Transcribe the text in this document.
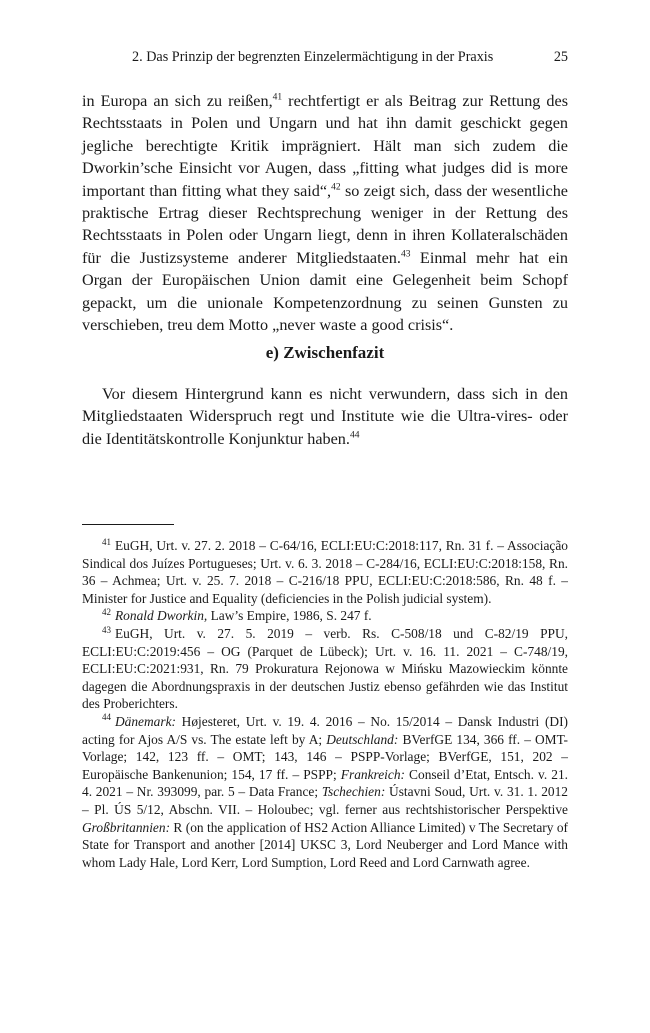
2. Das Prinzip der begrenzten Einzelermächtigung in der Praxis	25

in Europa an sich zu reißen,$^{41}$ rechtfertigt er als Beitrag zur Rettung des Rechtsstaats in Polen und Ungarn und hat ihn damit geschickt gegen jegliche berechtigte Kritik imprägniert. Hält man sich zudem die Dworkin’sche Einsicht vor Augen, dass „fitting what judges did is more important than fitting what they said“,$^{42}$ so zeigt sich, dass der wesentliche praktische Ertrag dieser Rechtsprechung weniger in der Rettung des Rechtsstaats in Polen oder Ungarn liegt, denn in ihren Kollateralschäden für die Justizsysteme anderer Mitgliedstaaten.$^{43}$ Einmal mehr hat ein Organ der Europäischen Union damit eine Gelegenheit beim Schopf gepackt, um die unionale Kompetenzordnung zu seinen Gunsten zu verschieben, treu dem Motto „never waste a good crisis“.

e) Zwischenfazit

Vor diesem Hintergrund kann es nicht verwundern, dass sich in den Mitgliedstaaten Widerspruch regt und Institute wie die Ultra-vires- oder die Identitätskontrolle Konjunktur haben.$^{44}$

$^{41}$ EuGH, Urt. v. 27. 2. 2018 – C-64/16, ECLI:EU:C:2018:117, Rn. 31 f. – Associação Sindical dos Juízes Portugueses; Urt. v. 6. 3. 2018 – C-284/16, ECLI:EU:C:2018:158, Rn. 36 – Achmea; Urt. v. 25. 7. 2018 – C-216/18 PPU, ECLI:EU:C:2018:586, Rn. 48 f. – Minister for Justice and Equality (deficiencies in the Polish judicial system).

$^{42}$ Ronald Dworkin, Law’s Empire, 1986, S. 247 f.

$^{43}$ EuGH, Urt. v. 27. 5. 2019 – verb. Rs. C-508/18 und C-82/19 PPU, ECLI:EU:C:2019:456 – OG (Parquet de Lübeck); Urt. v. 16. 11. 2021 – C-748/19, ECLI:EU:C:2021:931, Rn. 79 Prokuratura Rejonowa w Mińsku Mazowieckim könnte dagegen die Abordnungspraxis in der deutschen Justiz ebenso gefährden wie das Institut des Proberichters.

$^{44}$ Dänemark: Højesteret, Urt. v. 19. 4. 2016 – No. 15/2014 – Dansk Industri (DI) acting for Ajos A/S vs. The estate left by A; Deutschland: BVerfGE 134, 366 ff. – OMT-Vorlage; 142, 123 ff. – OMT; 143, 146 – PSPP-Vorlage; BVerfGE, 151, 202 – Europäische Bankenunion; 154, 17 ff. – PSPP; Frankreich: Conseil d’Etat, Entsch. v. 21. 4. 2021 – Nr. 393099, par. 5 – Data France; Tschechien: Ústavni Soud, Urt. v. 31. 1. 2012 – Pl. ÚS 5/12, Abschn. VII. – Holoubec; vgl. ferner aus rechtshistorischer Perspektive Großbritannien: R (on the application of HS2 Action Alliance Limited) v The Secretary of State for Transport and another [2014] UKSC 3, Lord Neuberger and Lord Mance with whom Lady Hale, Lord Kerr, Lord Sumption, Lord Reed and Lord Carnwath agree.
